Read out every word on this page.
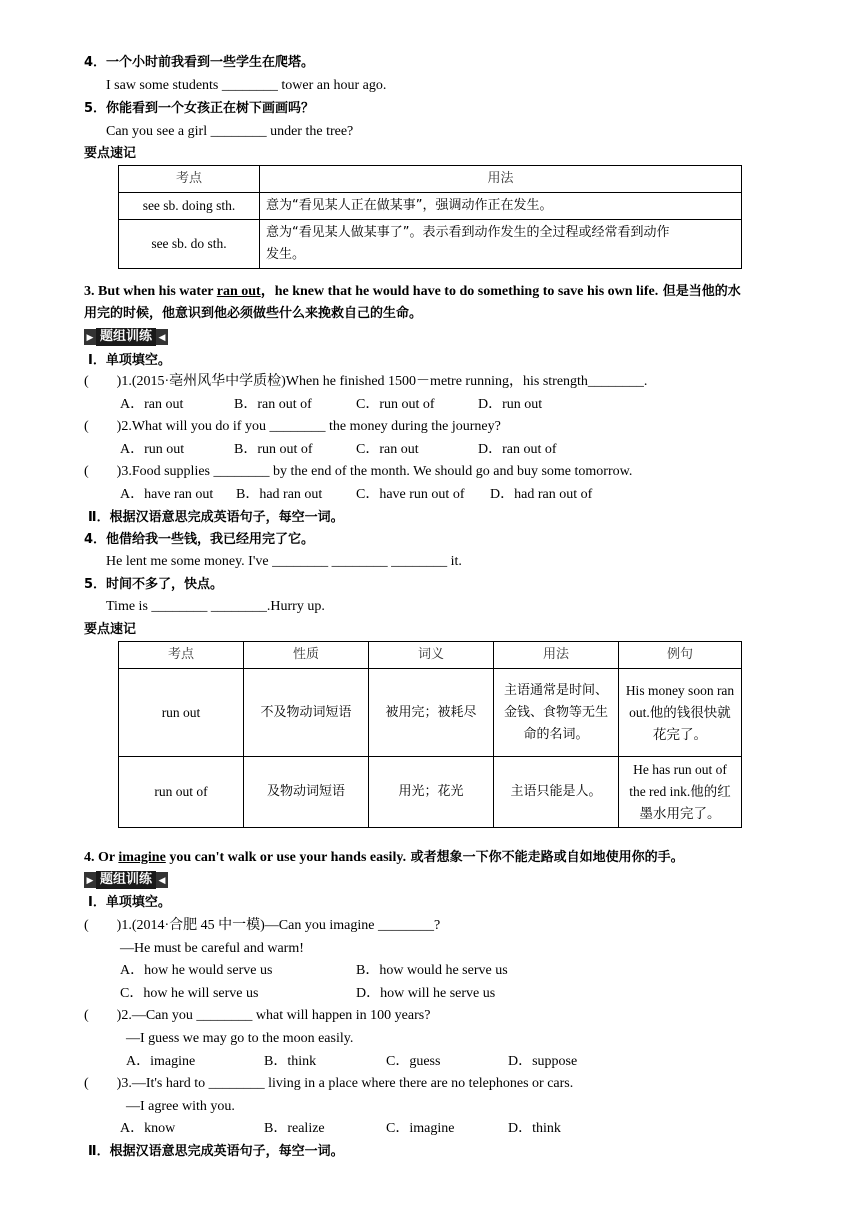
4．一个小时前我看到一些学生在爬塔。
I saw some students ________ tower an hour ago.
5．你能看到一个女孩正在树下画画吗？
Can you see a girl ________ under the tree?
要点速记
考点	用法
see sb. doing sth.	意为“看见某人正在做某事”，强调动作正在发生。
see sb. do sth.	意为“看见某人做某事了”。表示看到动作发生的全过程或经常看到动作
发生。
3. But when his water ran out，he knew that he would have to do something to save his own life. 但是当他的水
用完的时候，他意识到他必须做些什么来挽救自己的生命。
▶ 题组训练 ◀
Ⅰ．单项填空。
(　　)1.(2015·亳州风华中学质检)When he finished 1500－metre running，his strength________.
A．ran out	B．ran out of	C．run out of	D．run out
(　　)2.What will you do if you ________ the money during the journey?
A．run out	B．run out of	C．ran out	D．ran out of
(　　)3.Food supplies ________ by the end of the month. We should go and buy some tomorrow.
A．have ran out B．had ran out C．have run out of D．had ran out of
Ⅱ．根据汉语意思完成英语句子，每空一词。
4．他借给我一些钱，我已经用完了它。
He lent me some money. I've ________ ________ ________ it.
5．时间不多了，快点。
Time is ________ ________.Hurry up.
要点速记
考点	性质	词义	用法	例句
run out	不及物动词短语	被用完；被耗尽	主语通常是时间、金钱、食物等无生命的名词。	His money soon ran out.他的钱很快就花完了。
run out of	及物动词短语	用光；花光	主语只能是人。	He has run out of the red ink.他的红墨水用完了。
4. Or imagine you can't walk or use your hands easily. 或者想象一下你不能走路或自如地使用你的手。
▶ 题组训练 ◀
Ⅰ．单项填空。
(　　)1.(2014·合肥 45 中一模)—Can you imagine ________?
—He must be careful and warm!
A．how he would serve us	B．how would he serve us
C．how he will serve us	D．how will he serve us
(　　)2.—Can you ________ what will happen in 100 years?
—I guess we may go to the moon easily.
A．imagine	B．think	C．guess	D．suppose
(　　)3.—It's hard to ________ living in a place where there are no telephones or cars.
—I agree with you.
A．know	B．realize	C．imagine	D．think
Ⅱ．根据汉语意思完成英语句子，每空一词。
